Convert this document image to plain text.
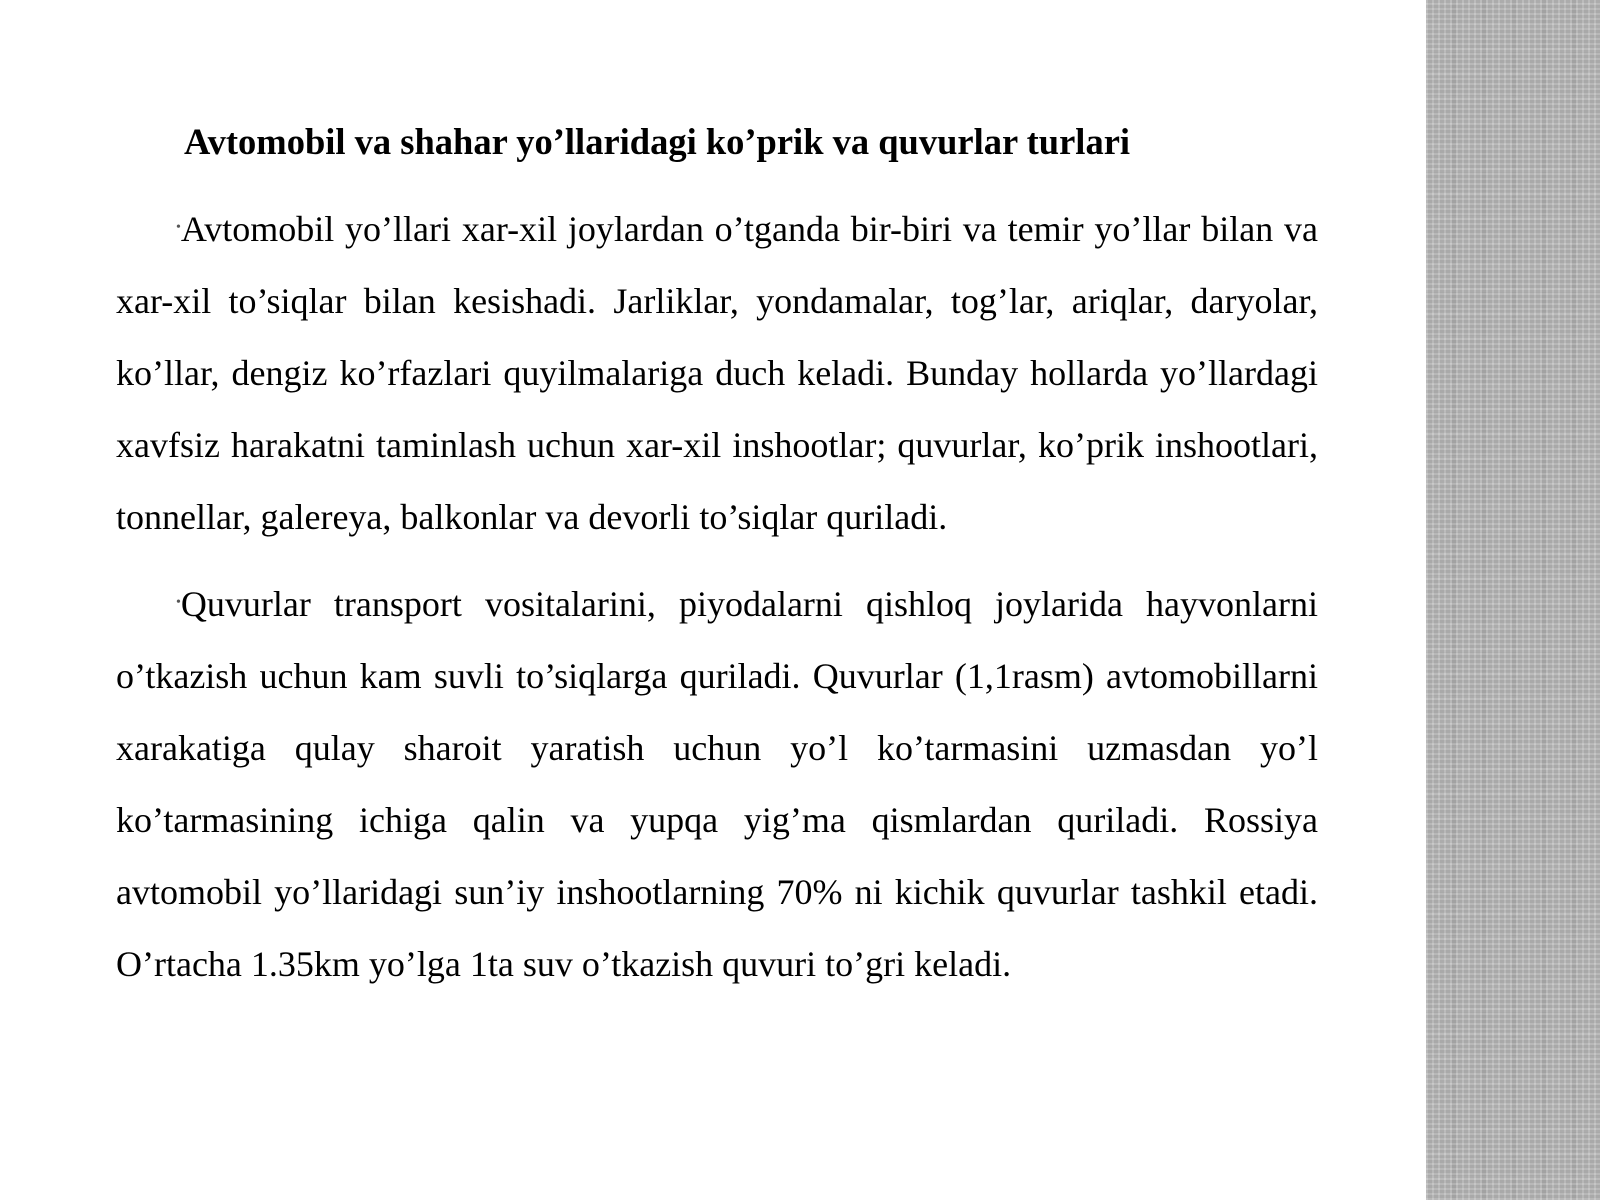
Avtomobil va shahar yo’llaridagi ko’prik va quvurlar turlari

•Avtomobil yo’llari xar-xil joylardan o’tganda bir-biri va temir yo’llar bilan va xar-xil to’siqlar bilan kesishadi. Jarliklar, yondamalar, tog’lar, ariqlar, daryolar, ko’llar, dengiz ko’rfazlari quyilmalariga duch keladi. Bunday hollarda yo’llardagi xavfsiz harakatni taminlash uchun xar-xil inshootlar; quvurlar, ko’prik inshootlari, tonnellar, galereya, balkonlar va devorli to’siqlar quriladi.

•Quvurlar transport vositalarini, piyodalarni qishloq joylarida hayvonlarni o’tkazish uchun kam suvli to’siqlarga quriladi. Quvurlar (1,1rasm) avtomobillarni xarakatiga qulay sharoit yaratish uchun yo’l ko’tarmasini uzmasdan yo’l ko’tarmasining ichiga qalin va yupqa yig’ma qismlardan quriladi. Rossiya avtomobil yo’llaridagi sun’iy inshootlarning 70% ni kichik quvurlar tashkil etadi. O’rtacha 1.35km yo’lga 1ta suv o’tkazish quvuri to’gri keladi.
